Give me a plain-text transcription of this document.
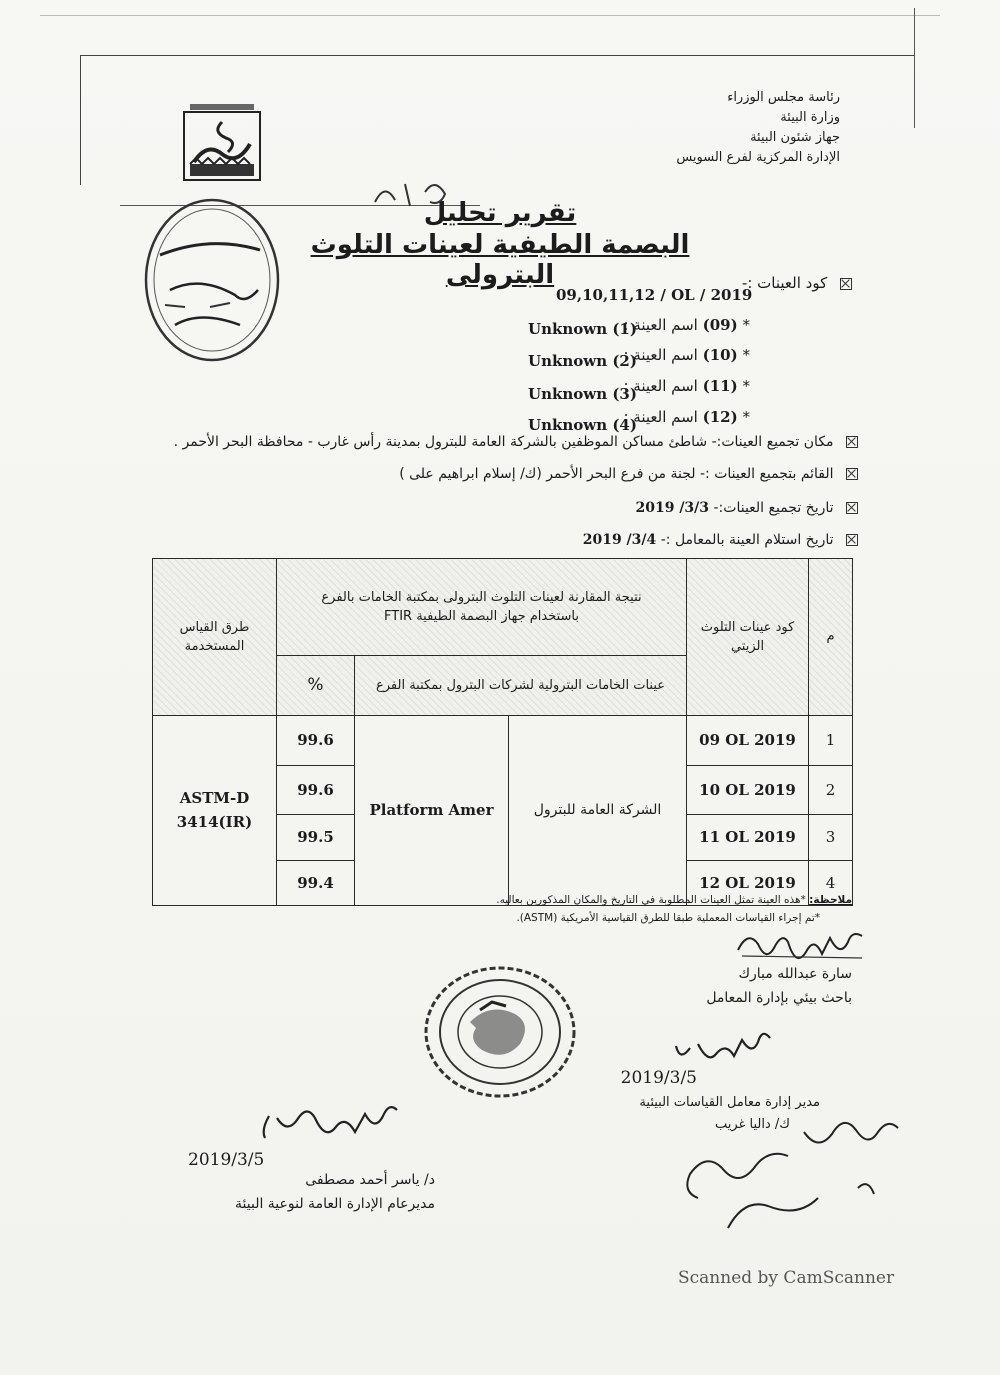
رئاسة مجلس الوزراء
وزارة البيئة
جهاز شئون البيئة
الإدارة المركزية لفرع السويس
تقرير تحليل
البصمة الطيفية لعينات التلوث البترولى	كود العينات :-
09,10,11,12 / OL / 2019
* (09) اسم العينة :
Unknown (1)
* (10) اسم العينة :
Unknown (2)
* (11) اسم العينة :
Unknown (3)
* (12) اسم العينة :
Unknown (4)
مكان تجميع العينات:- شاطئ مساكن الموظفين بالشركة العامة للبترول بمدينة رأس غارب - محافظة البحر الأحمر .
القائم بتجميع العينات :- لجنة من فرع البحر الأحمر (ك/ إسلام ابراهيم على )
تاريخ تجميع العينات:- 2019 /3/3
تاريخ استلام العينة بالمعامل :- 2019 /3/4
طرق القياس المستخدمة	نتيجة المقارنة لعينات التلوث البترولى بمكتبة الخامات بالفرع
باستخدام جهاز البصمة الطيفية FTIR			كود عينات التلوث الزيتي	م
	%	عينات الخامات البترولية لشركات البترول بمكتبة الفرع			

ASTM-D
3414(IR)	99.6	Platform Amer	الشركة العامة للبترول	09 OL 2019	1
	99.6			10 OL 2019	2
	99.5			11 OL 2019	3
	99.4			12 OL 2019	4
ملاحظة: *هذه العينة تمثل العينات المطلوبة في التاريخ والمكان المذكورين بعاليه.
*تم إجراء القياسات المعملية طبقا للطرق القياسية الأمريكية (ASTM).
سارة عبدالله مبارك
باحث بيئي بإدارة المعامل
2019/3/5
مدير إدارة معامل القياسات البيئية
ك/ داليا غريب
2019/3/5
د/ ياسر أحمد مصطفى
مديرعام الإدارة العامة لنوعية البيئة
Scanned by CamScanner
